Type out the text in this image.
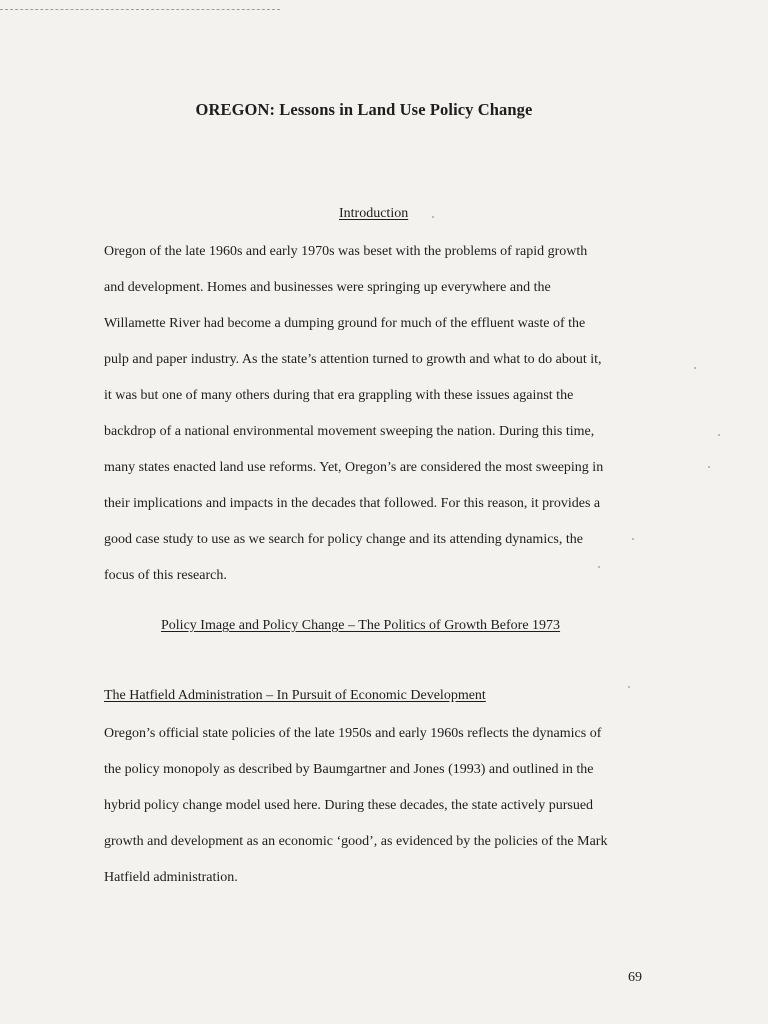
OREGON: Lessons in Land Use Policy Change
Introduction
Oregon of the late 1960s and early 1970s was beset with the problems of rapid growth
and development. Homes and businesses were springing up everywhere and the
Willamette River had become a dumping ground for much of the effluent waste of the
pulp and paper industry. As the state’s attention turned to growth and what to do about it,
it was but one of many others during that era grappling with these issues against the
backdrop of a national environmental movement sweeping the nation. During this time,
many states enacted land use reforms. Yet, Oregon’s are considered the most sweeping in
their implications and impacts in the decades that followed. For this reason, it provides a
good case study to use as we search for policy change and its attending dynamics, the
focus of this research.
Policy Image and Policy Change – The Politics of Growth Before 1973
The Hatfield Administration – In Pursuit of Economic Development
Oregon’s official state policies of the late 1950s and early 1960s reflects the dynamics of
the policy monopoly as described by Baumgartner and Jones (1993) and outlined in the
hybrid policy change model used here. During these decades, the state actively pursued
growth and development as an economic ‘good’, as evidenced by the policies of the Mark
Hatfield administration.
69
